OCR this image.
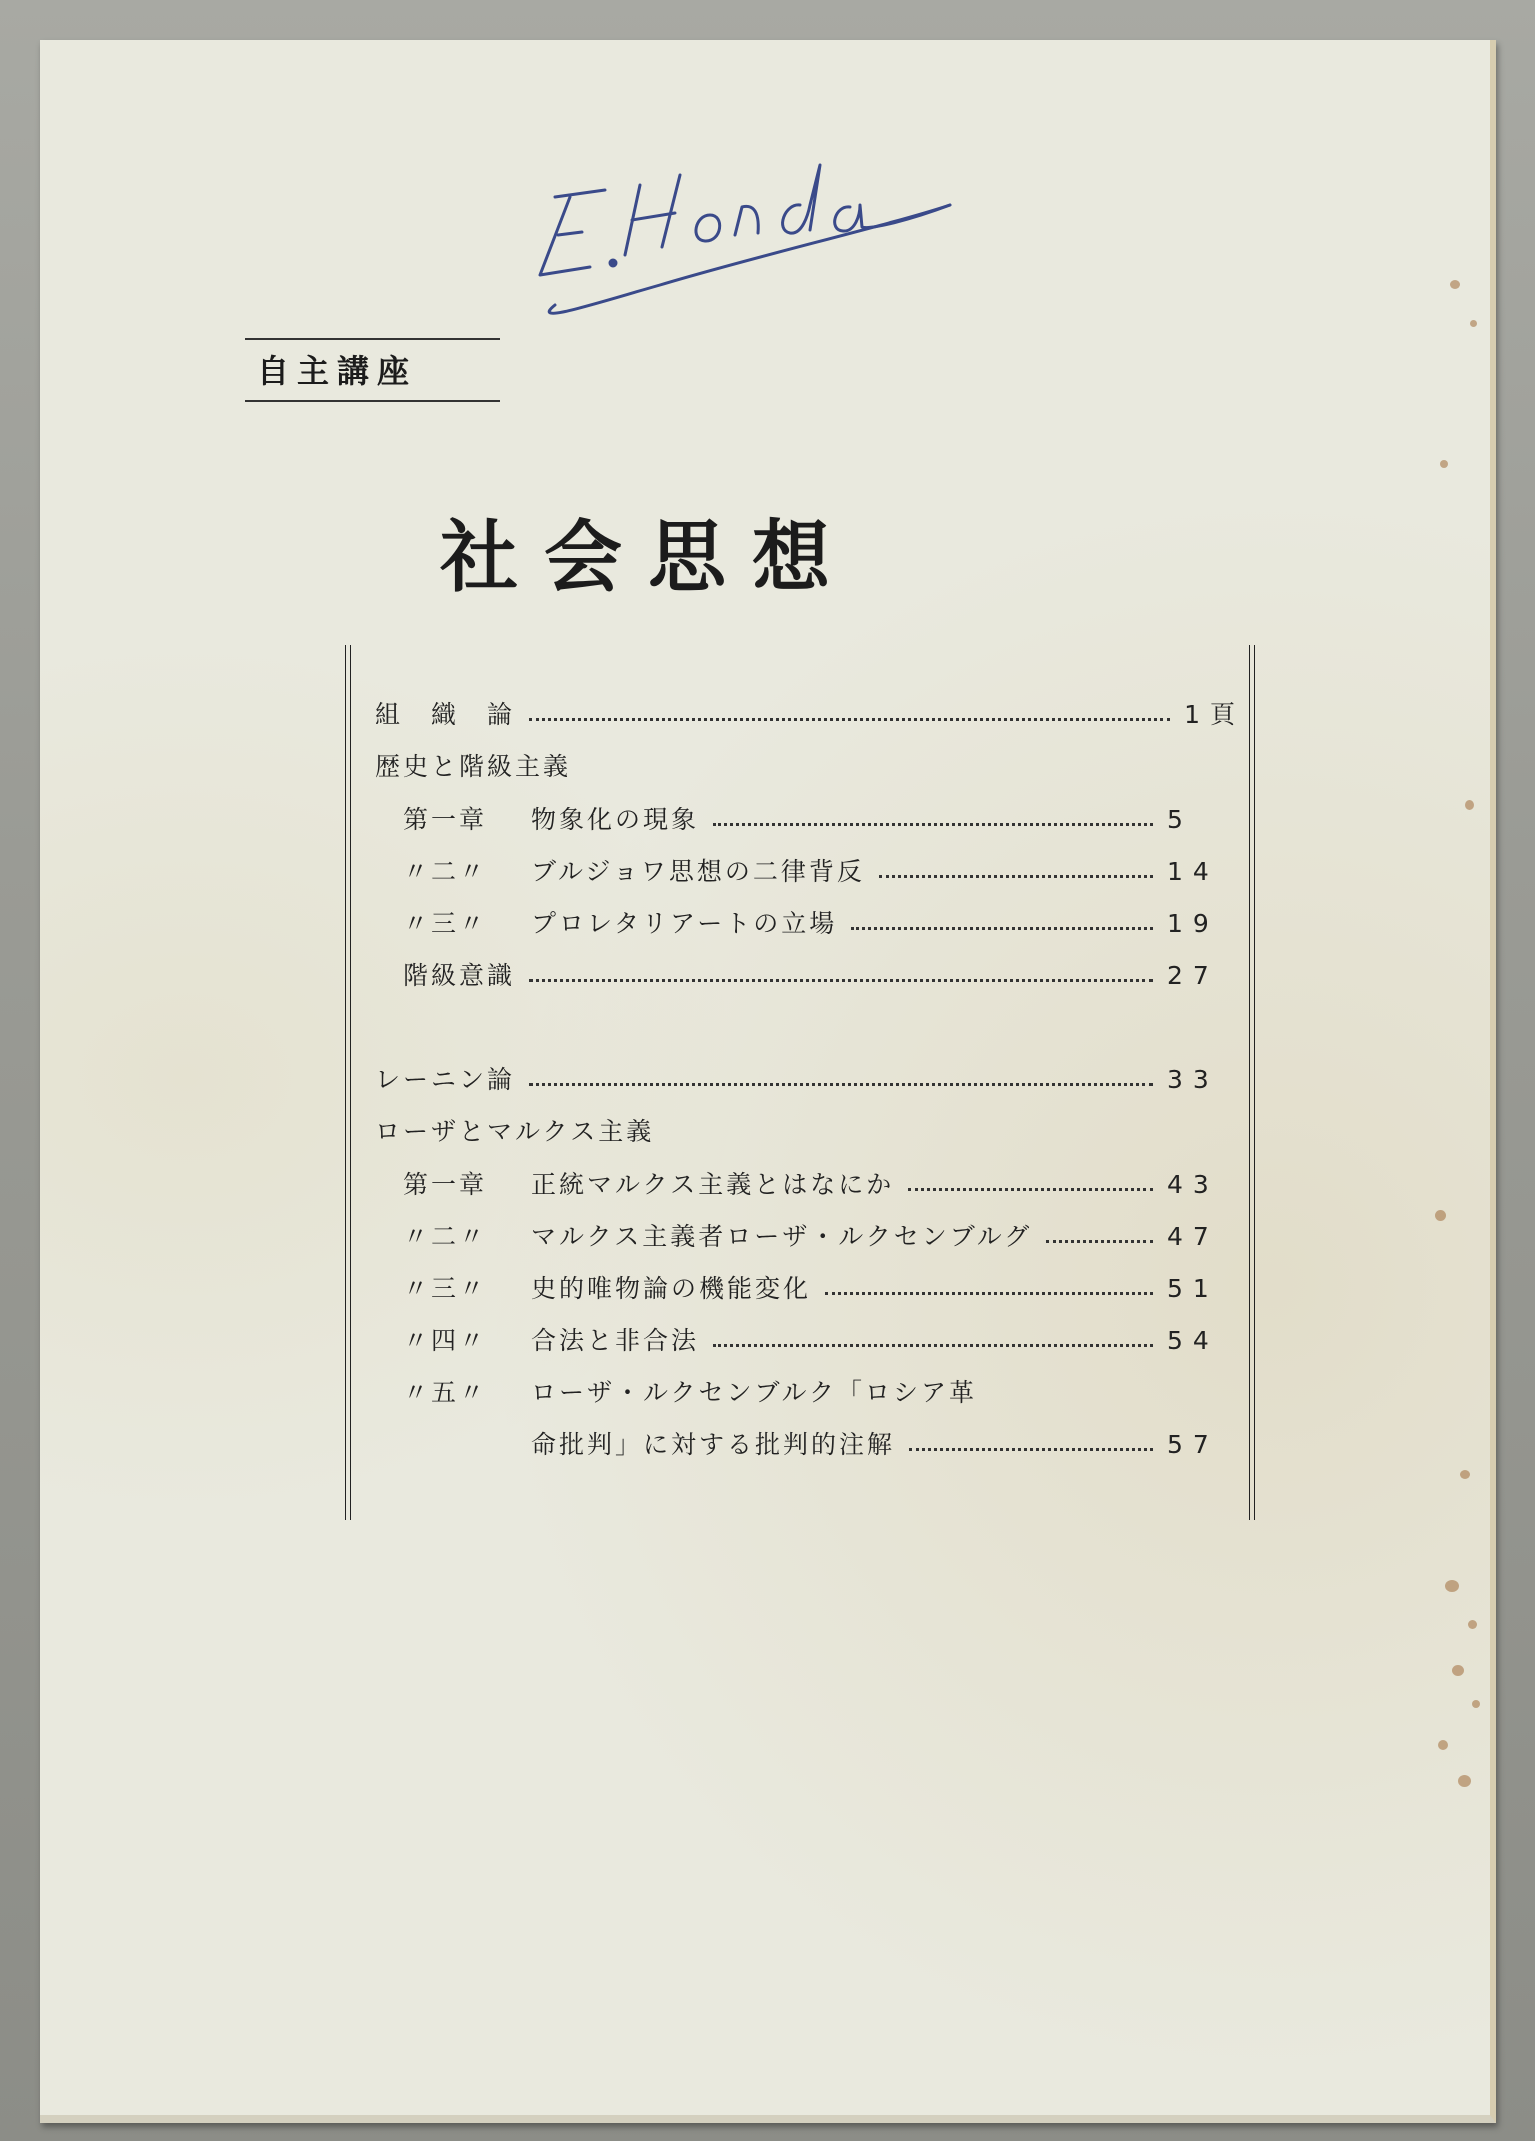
自主講座
社会思想
組　織　論	1頁
歴史と階級主義
第一章	物象化の現象	5
〃二〃	ブルジョワ思想の二律背反	14
〃三〃	プロレタリアートの立場	19
階級意識	27
レーニン論	33
ローザとマルクス主義
第一章	正統マルクス主義とはなにか	43
〃二〃	マルクス主義者ローザ・ルクセンブルグ	47
〃三〃	史的唯物論の機能変化	51
〃四〃	合法と非合法	54
〃五〃	ローザ・ルクセンブルク「ロシア革
命批判」に対する批判的注解	57
